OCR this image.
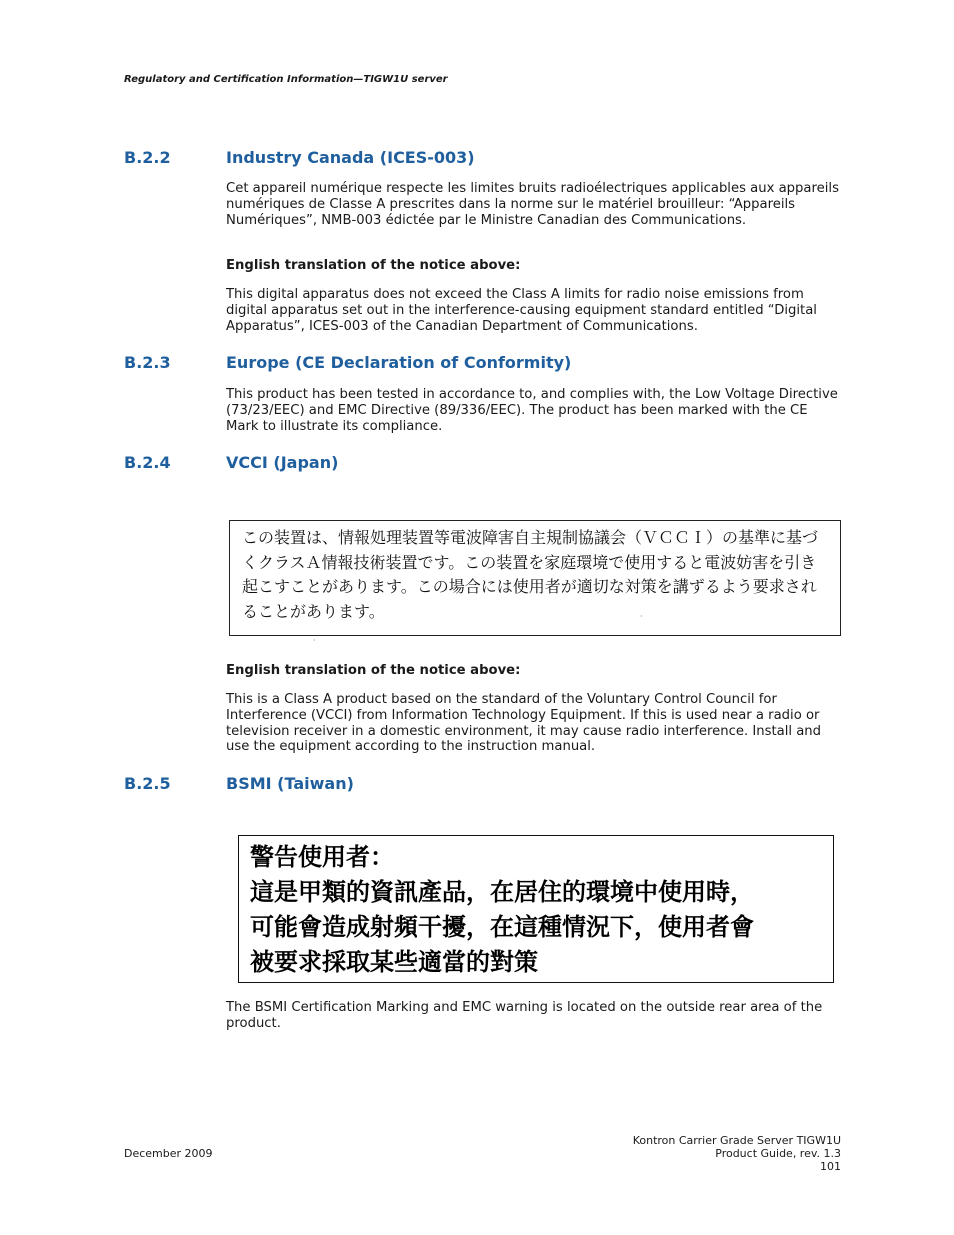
Regulatory and Certification Information—TIGW1U server
B.2.2	Industry Canada (ICES-003)
Cet appareil numérique respecte les limites bruits radioélectriques applicables aux appareils numériques de Classe A prescrites dans la norme sur le matériel brouilleur: “Appareils Numériques”, NMB-003 édictée par le Ministre Canadian des Communications.
English translation of the notice above:
This digital apparatus does not exceed the Class A limits for radio noise emissions from digital apparatus set out in the interference-causing equipment standard entitled “Digital Apparatus”, ICES-003 of the Canadian Department of Communications.
B.2.3	Europe (CE Declaration of Conformity)
This product has been tested in accordance to, and complies with, the Low Voltage Directive (73/23/EEC) and EMC Directive (89/336/EEC). The product has been marked with the CE Mark to illustrate its compliance.
B.2.4	VCCI (Japan)
この装置は、情報処理装置等電波障害自主規制協議会（ＶＣＣＩ）の基準に基づくクラスＡ情報技術装置です。この装置を家庭環境で使用すると電波妨害を引き起こすことがあります。この場合には使用者が適切な対策を講ずるよう要求されることがあります。
·
·
English translation of the notice above:
This is a Class A product based on the standard of the Voluntary Control Council for Interference (VCCI) from Information Technology Equipment. If this is used near a radio or television receiver in a domestic environment, it may cause radio interference. Install and use the equipment according to the instruction manual.
B.2.5	BSMI (Taiwan)
警告使用者：
這是甲類的資訊產品，在居住的環境中使用時，
可能會造成射頻干擾，在這種情況下，使用者會
被要求採取某些適當的對策
The BSMI Certification Marking and EMC warning is located on the outside rear area of the product.
December 2009
Kontron Carrier Grade Server TIGW1U
Product Guide, rev. 1.3
101
